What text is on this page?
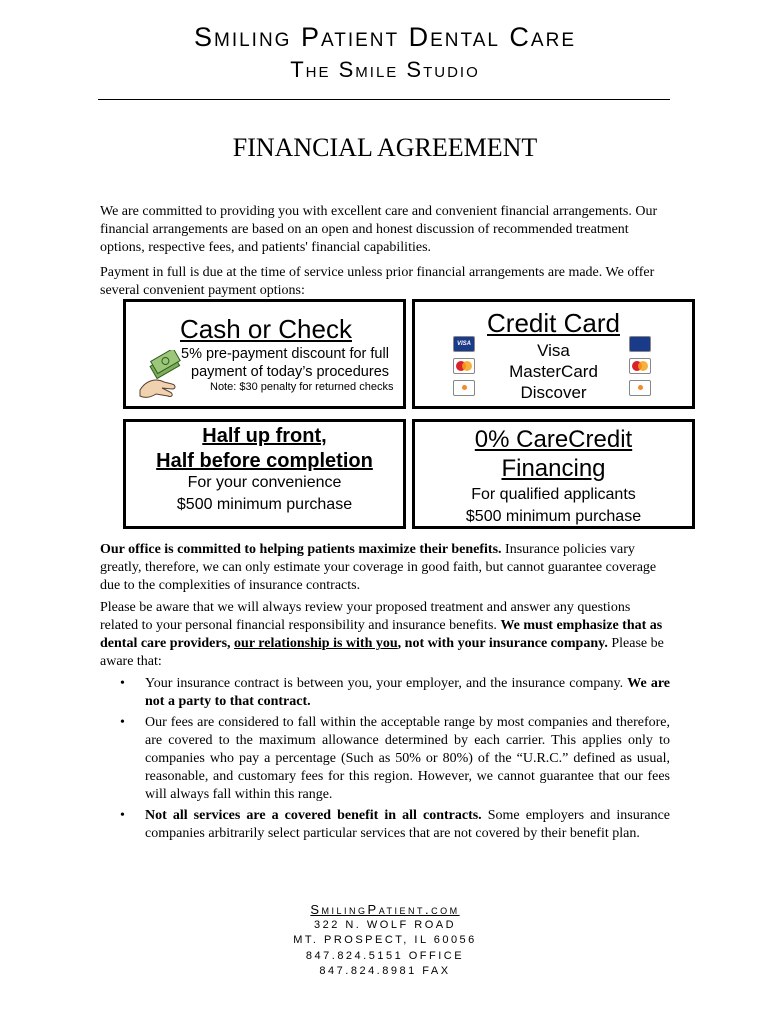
Smiling Patient Dental Care
The Smile Studio
FINANCIAL AGREEMENT
We are committed to providing you with excellent care and convenient financial arrangements. Our financial arrangements are based on an open and honest discussion of recommended treatment options, respective fees, and patients' financial capabilities.
Payment in full is due at the time of service unless prior financial arrangements are made. We offer several convenient payment options:
Cash or Check
5% pre-payment discount for full
payment of today’s procedures
Note: $30 penalty for returned checks
Credit Card
Visa
MasterCard
Discover
VISA
Half up front,
Half before completion
For your convenience
$500 minimum purchase
0% CareCredit
Financing
For qualified applicants
$500 minimum purchase
Our office is committed to helping patients maximize their benefits. Insurance policies vary greatly, therefore, we can only estimate your coverage in good faith, but cannot guarantee coverage due to the complexities of insurance contracts.
Please be aware that we will always review your proposed treatment and answer any questions related to your personal financial responsibility and insurance benefits. We must emphasize that as dental care providers, our relationship is with you, not with your insurance company. Please be aware that:
• Your insurance contract is between you, your employer, and the insurance company. We are not a party to that contract.
• Our fees are considered to fall within the acceptable range by most companies and therefore, are covered to the maximum allowance determined by each carrier. This applies only to companies who pay a percentage (Such as 50% or 80%) of the “U.R.C.” defined as usual, reasonable, and customary fees for this region. However, we cannot guarantee that our fees will always fall within this range.
• Not all services are a covered benefit in all contracts. Some employers and insurance companies arbitrarily select particular services that are not covered by their benefit plan.
SmilingPatient.com
322 N. WOLF ROAD
MT. PROSPECT, IL 60056
847.824.5151 OFFICE
847.824.8981 FAX
